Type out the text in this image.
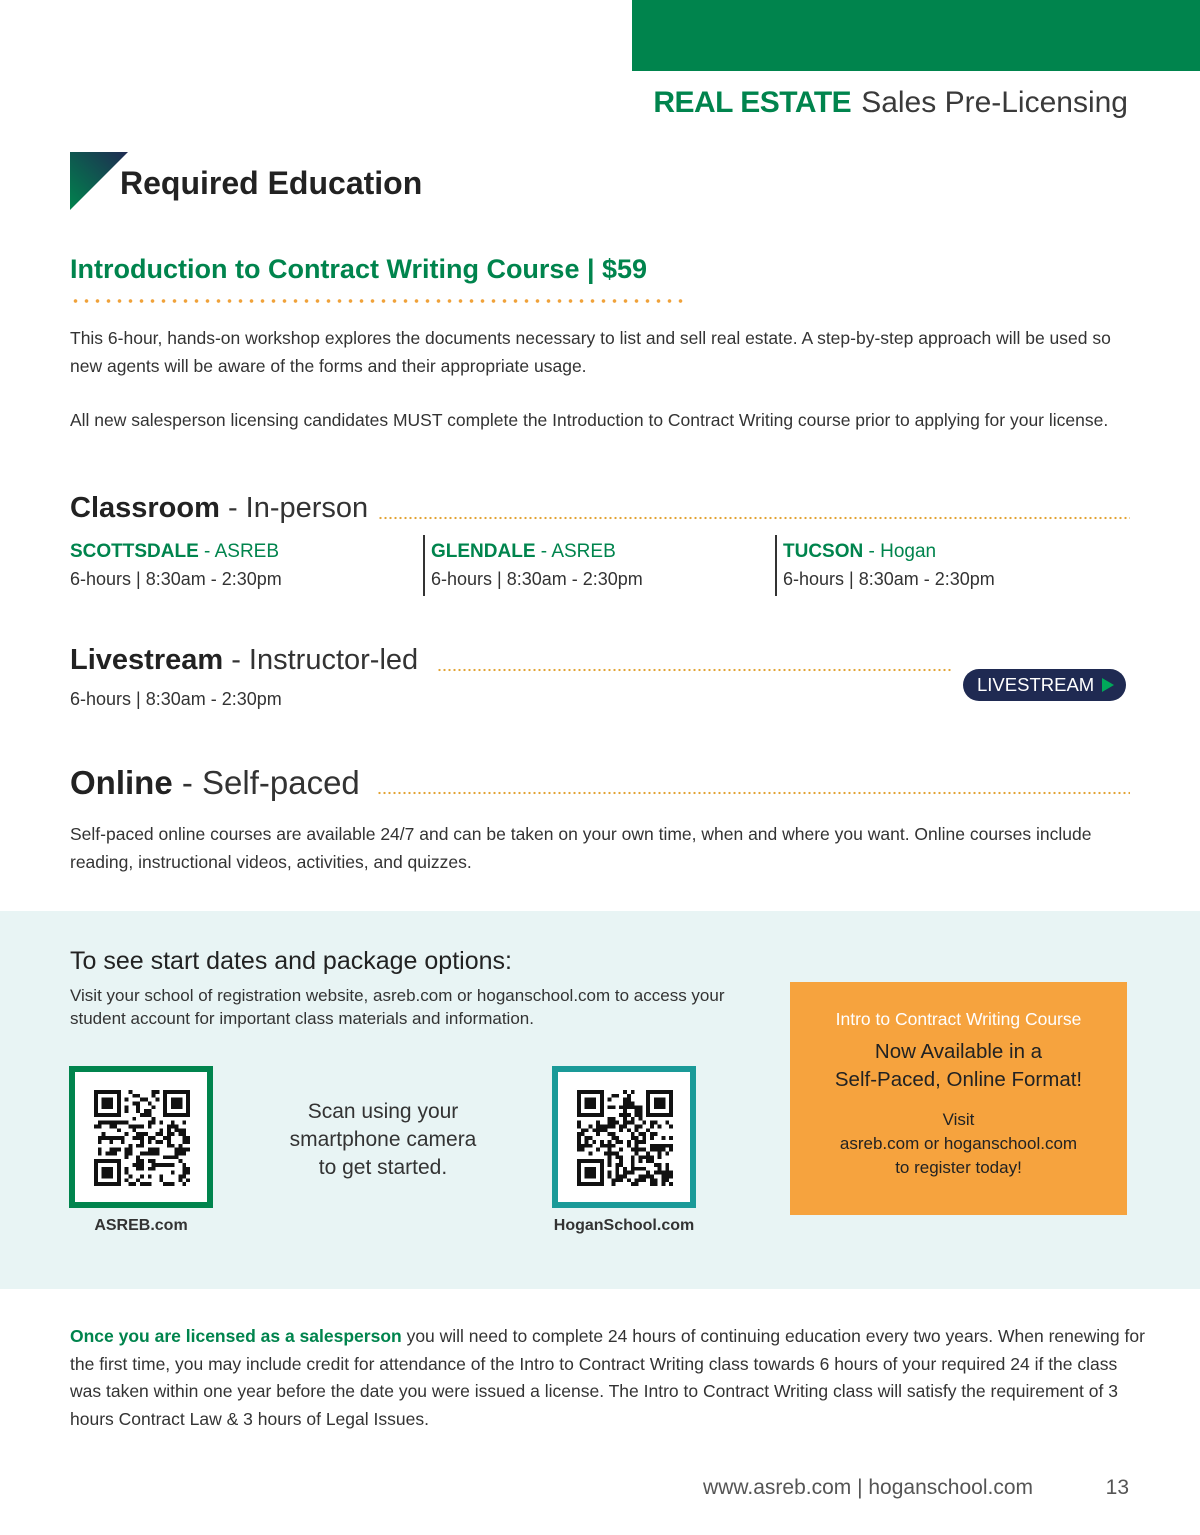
REAL ESTATE Sales Pre-Licensing
Required Education
Introduction to Contract Writing Course | $59
This 6-hour, hands-on workshop explores the documents necessary to list and sell real estate. A step-by-step approach will be used so new agents will be aware of the forms and their appropriate usage.
All new salesperson licensing candidates MUST complete the Introduction to Contract Writing course prior to applying for your license.
Classroom - In-person
SCOTTSDALE - ASREB
6-hours | 8:30am - 2:30pm
GLENDALE - ASREB
6-hours | 8:30am - 2:30pm
TUCSON - Hogan
6-hours | 8:30am - 2:30pm
Livestream - Instructor-led
6-hours | 8:30am - 2:30pm
LIVESTREAM
Online - Self-paced
Self-paced online courses are available 24/7 and can be taken on your own time, when and where you want. Online courses include reading, instructional videos, activities, and quizzes.
To see start dates and package options:
Visit your school of registration website, asreb.com or hoganschool.com to access your student account for important class materials and information.
ASREB.com
Scan using your
smartphone camera
to get started.
HoganSchool.com
Intro to Contract Writing Course
Now Available in a
Self-Paced, Online Format!
Visit
asreb.com or hoganschool.com
to register today!
Once you are licensed as a salesperson you will need to complete 24 hours of continuing education every two years. When renewing for the first time, you may include credit for attendance of the Intro to Contract Writing class towards 6 hours of your required 24 if the class was taken within one year before the date you were issued a license. The Intro to Contract Writing class will satisfy the requirement of 3 hours Contract Law & 3 hours of Legal Issues.
www.asreb.com | hoganschool.com	13
